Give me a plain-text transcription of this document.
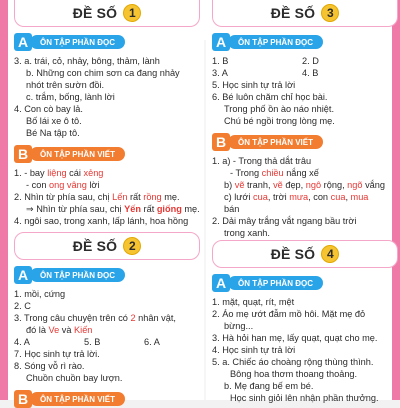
ĐỀ SỐ 1
A	ÔN TẬP PHẦN ĐỌC
3. a. trái, cỏ, nhảy, bông, thảm, lành
b. Những con chim sơn ca đang nhảy nhót trên sườn đồi.
c. trắm, bống, lành lời
4. Con cò bay lả.
Bố lái xe ô tô.
Bé Na tập tô.
B	ÔN TẬP PHẦN VIẾT
1. - bay liệng cái xẻng
- con ong vâng lời
2. Nhìn từ phía sau, chị Lến rất rồng mẹ.
⇒ Nhìn từ phía sau, chị Yến rất giống mẹ.
4. ngôi sao, trong xanh, lấp lánh, hoa hồng
ĐỀ SỐ 2
A	ÔN TẬP PHẦN ĐỌC
1. mồi, cứng
2. C
3. Trong câu chuyện trên có 2 nhân vật,
đó là Ve và Kiến
4. A	5. B	6. A
7. Học sinh tự trả lời.
8. Sóng vỗ rì rào.
Chuồn chuồn bay lượn.
B	ÔN TẬP PHẦN VIẾT
ĐỀ SỐ 3
A	ÔN TẬP PHẦN ĐỌC
1. B	2. D
3. A	4. B
5. Học sinh tự trả lời
6. Bé luôn chăm chỉ học bài.
Trong phố ồn ào náo nhiệt.
Chú bé ngồi trong lòng mẹ.
B	ÔN TẬP PHẦN VIẾT
1. a) - Trong thả dắt trâu
- Trong chiều nắng xế
b) vẽ tranh, vẽ đẹp, ngô rộng, ngõ vắng
c) lưới cua, trời mưa, con cua, mua
bán
2. Dải mây trắng vắt ngang bầu trời
trong xanh.
ĐỀ SỐ 4
A	ÔN TẬP PHẦN ĐỌC
1. mặt, quạt, rít, mệt
2. Áo mẹ ướt đẫm mồ hôi. Mặt mẹ đỏ
bừng...
3. Hà hỏi han mẹ, lấy quạt, quạt cho mẹ.
4. Học sinh tự trả lời
5. a. Chiếc áo choàng rộng thùng thình.
Bông hoa thơm thoang thoảng.
b. Mẹ đang bế em bé.
Học sinh giỏi lên nhận phần thưởng.
